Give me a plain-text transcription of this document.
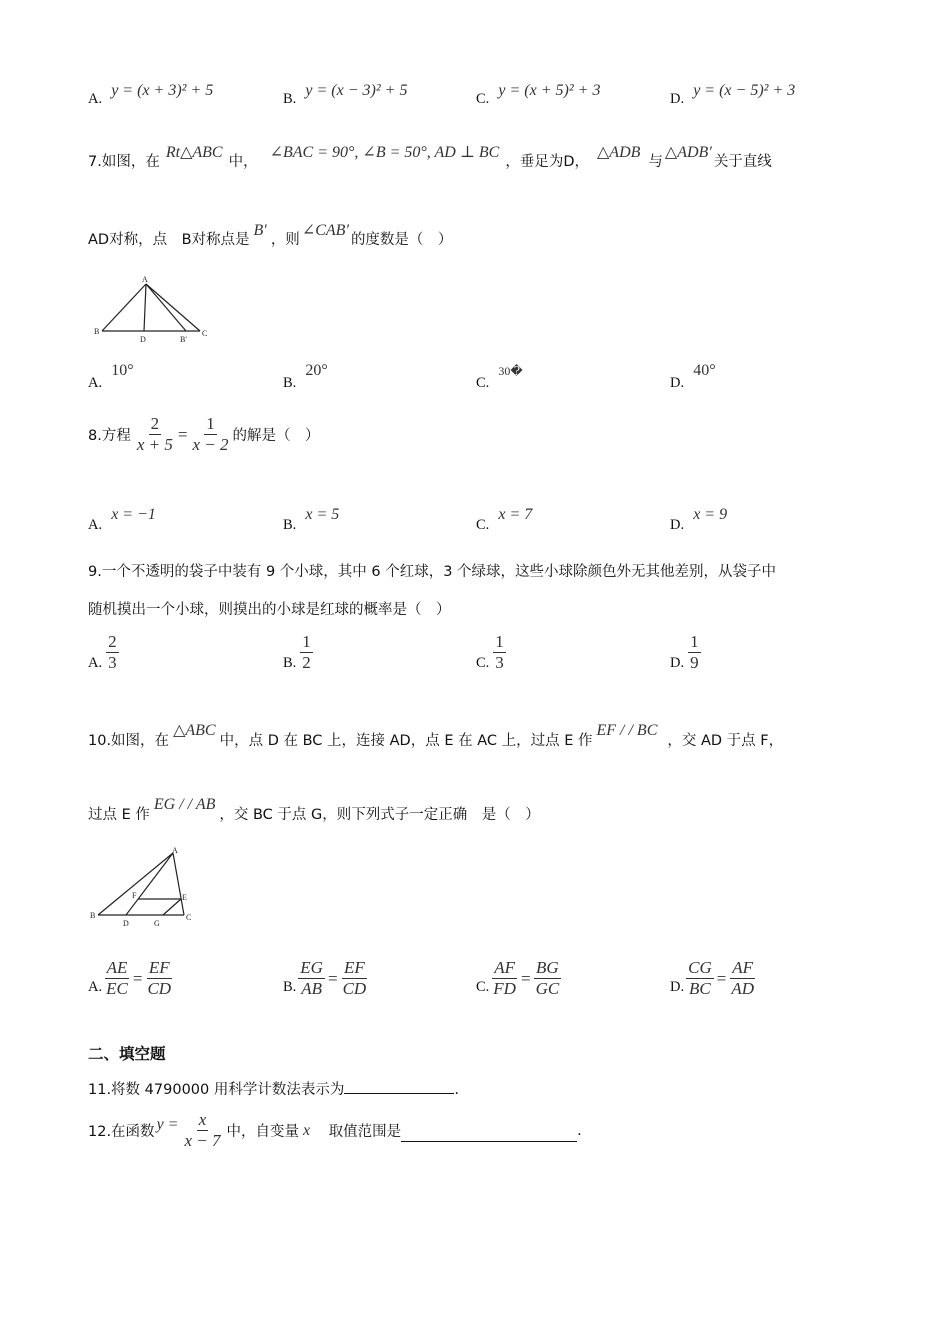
A. y = (x + 3)² + 5	B. y = (x − 3)² + 5	C. y = (x + 5)² + 3	D. y = (x − 5)² + 3
7.如图，在Rt△ABC中，∠BAC = 90°, ∠B = 50°, AD ⊥ BC，垂足为D，△ADB与△ADB′关于直线
AD对称，点　B对称点是B′，则∠CAB′的度数是（　）
A
B	C
D	B'
A. 10°
B. 20°
C. $^{30�}$
D. 40°
8.方程 $\frac{2}{x + 5} = \frac{1}{x - 2}$ 的解是（　）
A. x = −1
B. x = 5
C. x = 7
D. x = 9
9.一个不透明的袋子中装有 9 个小球，其中 6 个红球，3 个绿球，这些小球除颜色外无其他差别，从袋子中
随机摸出一个小球，则摸出的小球是红球的概率是（　）
A. $\frac{2}{3}$	B. $\frac{1}{2}$	C. $\frac{1}{3}$	D. $\frac{1}{9}$
10.如图，在△ABC中，点 D 在 BC 上，连接 AD，点 E 在 AC 上，过点 E 作EF / / BC，交 AD 于点 F，
过点 E 作EG / / AB，交 BC 于点 G，则下列式子一定正确　是（　）
A
B	C
D
E
F
G
A. $\frac{AE}{EC} = \frac{EF}{CD}$	B. $\frac{EG}{AB} = \frac{EF}{CD}$	C. $\frac{AF}{FD} = \frac{BG}{GC}$	D. $\frac{CG}{BC} = \frac{AF}{AD}$
二、填空题
11.将数 4790000 用科学计数法表示为	.
12.在函数 $y = \frac{x}{x - 7}$ 中，自变量 x 　取值范围是	.
